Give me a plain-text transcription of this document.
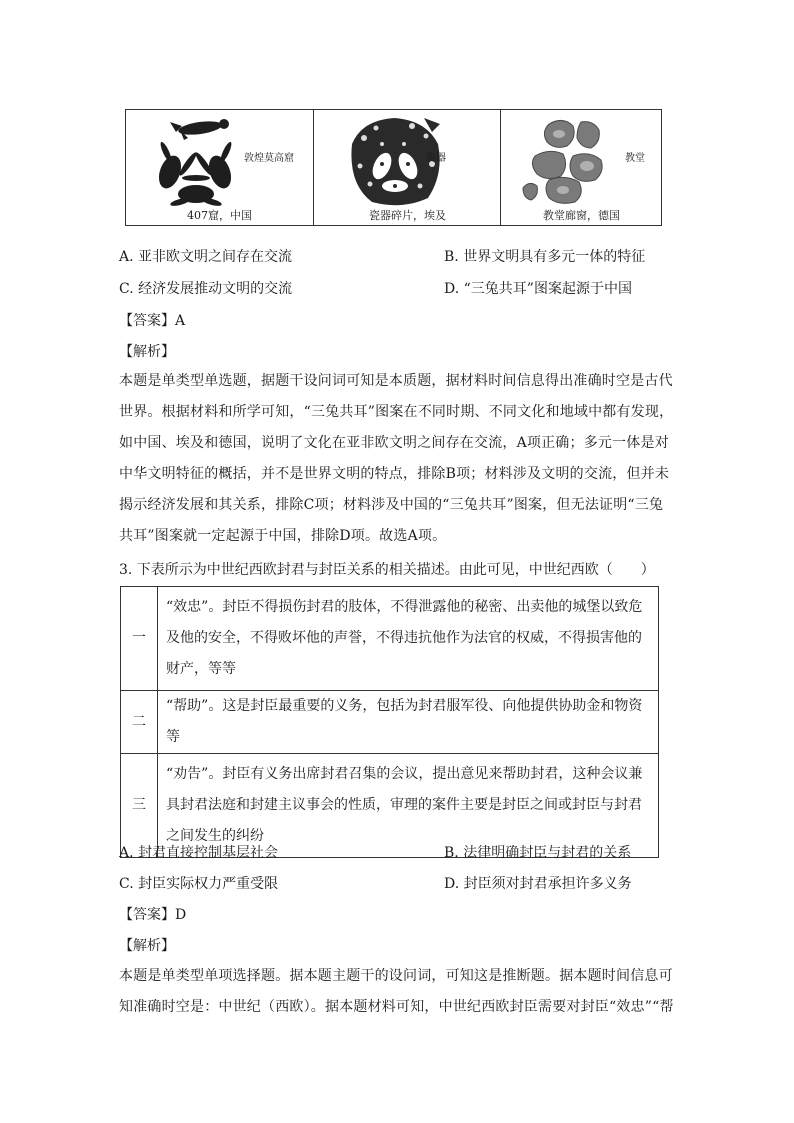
敦煌莫高窟
407窟，中国
瓷器
瓷器碎片，埃及
教堂
教堂廊窗，德国
A. 亚非欧文明之间存在交流	B. 世界文明具有多元一体的特征
C. 经济发展推动文明的交流	D. “三兔共耳”图案起源于中国
【答案】A
【解析】
本题是单类型单选题，据题干设问词可知是本质题，据材料时间信息得出准确时空是古代世界。根据材料和所学可知，“三兔共耳”图案在不同时期、不同文化和地域中都有发现，如中国、埃及和德国，说明了文化在亚非欧文明之间存在交流，A项正确；多元一体是对中华文明特征的概括，并不是世界文明的特点，排除B项；材料涉及文明的交流，但并未揭示经济发展和其关系，排除C项；材料涉及中国的“三兔共耳”图案，但无法证明“三兔共耳”图案就一定起源于中国，排除D项。故选A项。
3. 下表所示为中世纪西欧封君与封臣关系的相关描述。由此可见，中世纪西欧（　　）
一	“效忠”。封臣不得损伤封君的肢体，不得泄露他的秘密、出卖他的城堡以致危及他的安全，不得败坏他的声誉，不得违抗他作为法官的权威，不得损害他的财产，等等
二	“帮助”。这是封臣最重要的义务，包括为封君服军役、向他提供协助金和物资等
三	“劝告”。封臣有义务出席封君召集的会议，提出意见来帮助封君，这种会议兼具封君法庭和封建主议事会的性质，审理的案件主要是封臣之间或封臣与封君之间发生的纠纷
A. 封君直接控制基层社会	B. 法律明确封臣与封君的关系
C. 封臣实际权力严重受限	D. 封臣须对封君承担许多义务
【答案】D
【解析】
本题是单类型单项选择题。据本题主题干的设问词，可知这是推断题。据本题时间信息可知准确时空是：中世纪（西欧）。据本题材料可知，中世纪西欧封臣需要对封臣“效忠”“帮
